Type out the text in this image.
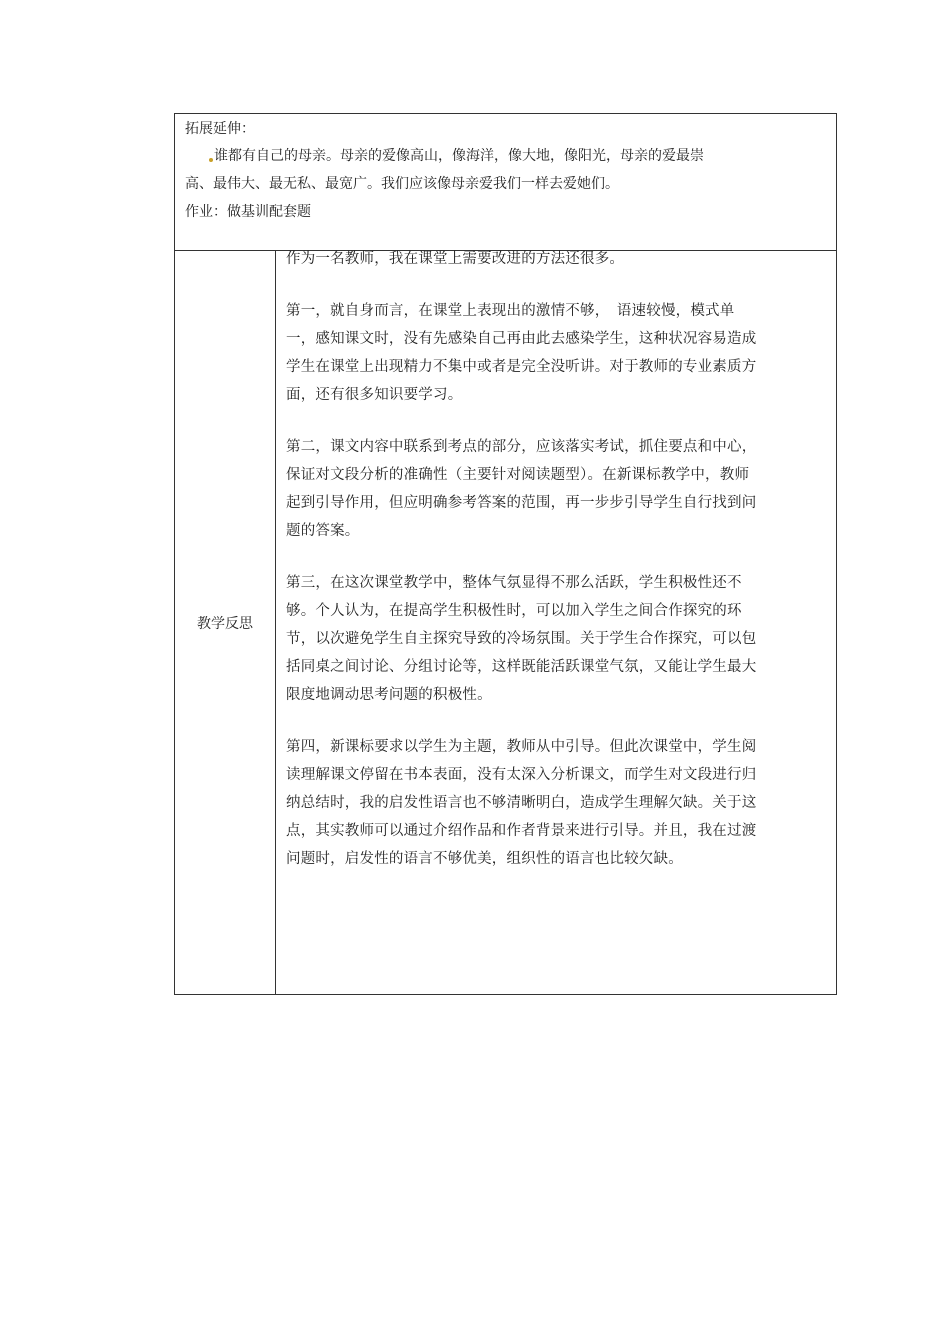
拓展延伸：
谁都有自己的母亲。母亲的爱像高山，像海洋，像大地，像阳光，母亲的爱最崇
高、最伟大、最无私、最宽广。我们应该像母亲爱我们一样去爱她们。
作业：做基训配套题
教学反思
作为一名教师，我在课堂上需要改进的方法还很多。
第一，就自身而言，在课堂上表现出的激情不够，　语速较慢，模式单
一，感知课文时，没有先感染自己再由此去感染学生，这种状况容易造成
学生在课堂上出现精力不集中或者是完全没听讲。对于教师的专业素质方
面，还有很多知识要学习。
第二，课文内容中联系到考点的部分，应该落实考试，抓住要点和中心，
保证对文段分析的准确性（主要针对阅读题型）。在新课标教学中，教师
起到引导作用，但应明确参考答案的范围，再一步步引导学生自行找到问
题的答案。
第三，在这次课堂教学中，整体气氛显得不那么活跃，学生积极性还不
够。个人认为，在提高学生积极性时，可以加入学生之间合作探究的环
节，以次避免学生自主探究导致的冷场氛围。关于学生合作探究，可以包
括同桌之间讨论、分组讨论等，这样既能活跃课堂气氛，又能让学生最大
限度地调动思考问题的积极性。
第四，新课标要求以学生为主题，教师从中引导。但此次课堂中，学生阅
读理解课文停留在书本表面，没有太深入分析课文，而学生对文段进行归
纳总结时，我的启发性语言也不够清晰明白，造成学生理解欠缺。关于这
点，其实教师可以通过介绍作品和作者背景来进行引导。并且，我在过渡
问题时，启发性的语言不够优美，组织性的语言也比较欠缺。
